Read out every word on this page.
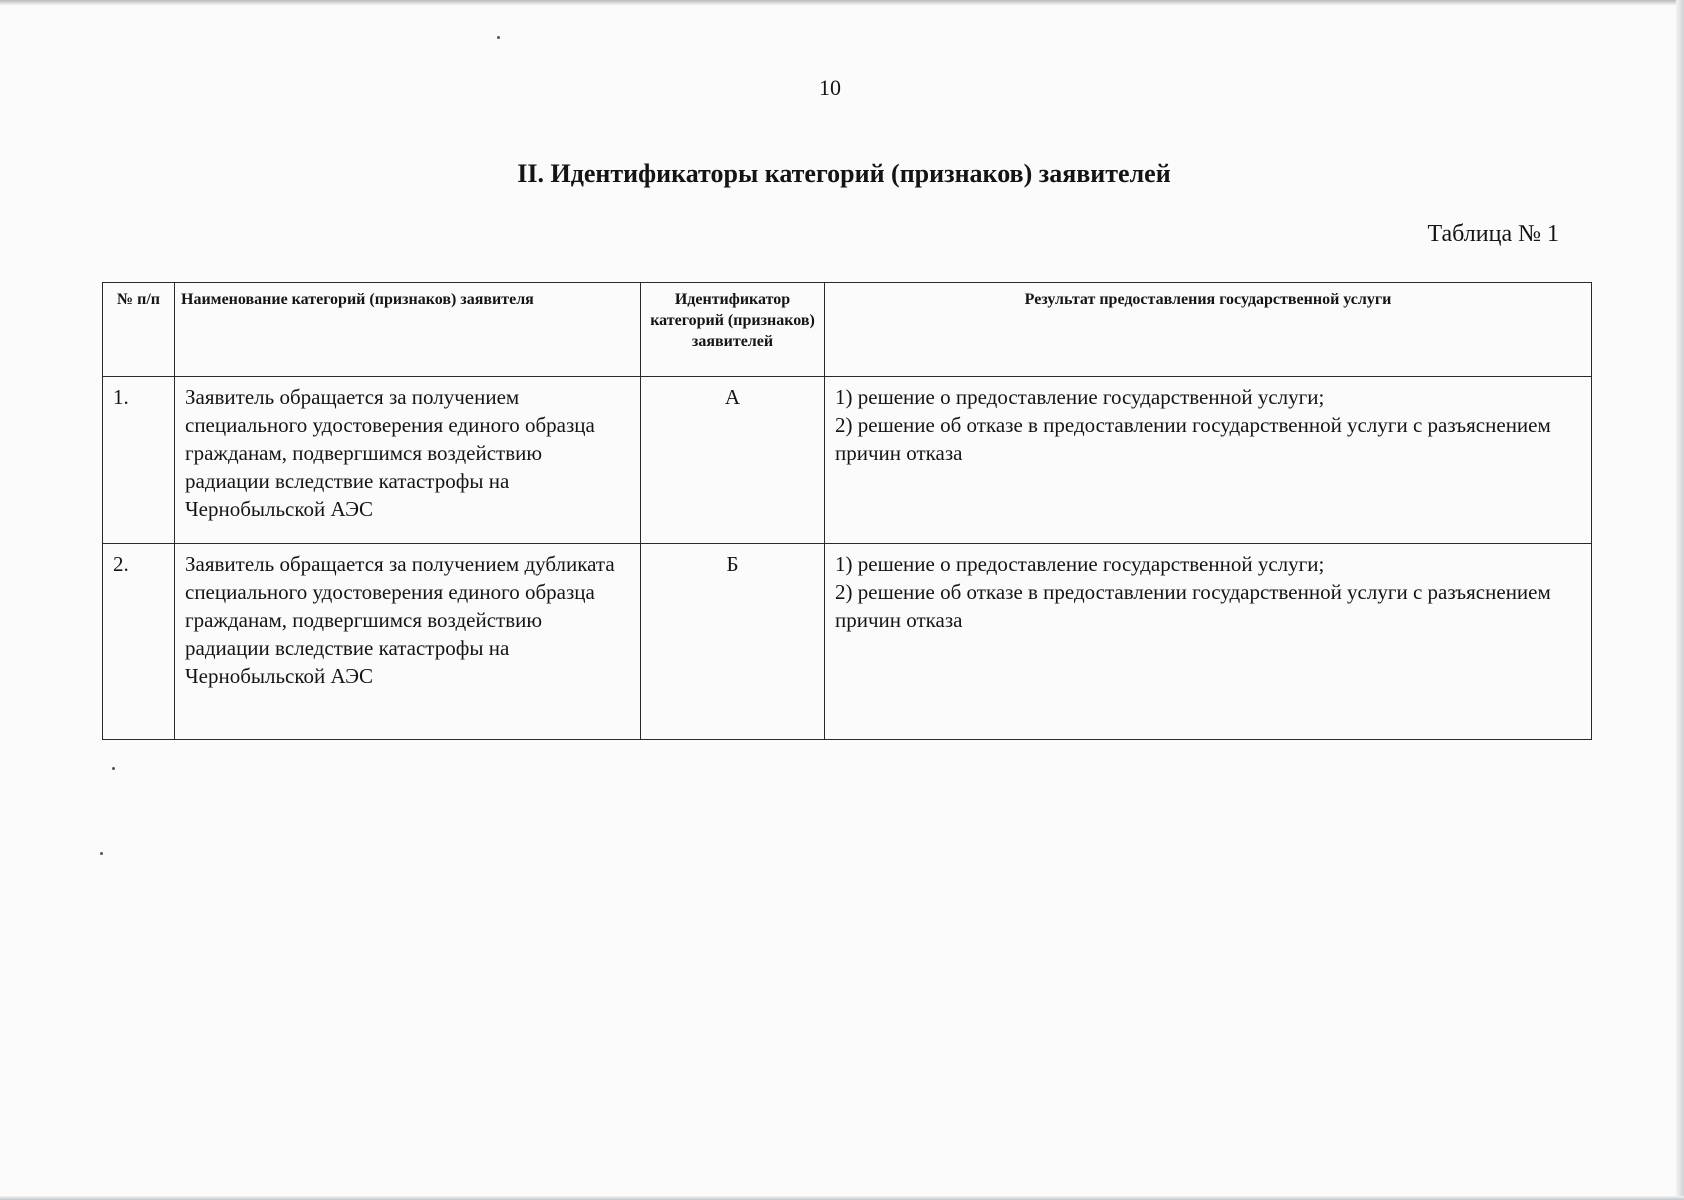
10
II. Идентификаторы категорий (признаков) заявителей
Таблица № 1
№ п/п	Наименование категорий (признаков) заявителя	Идентификатор категорий (признаков) заявителей	Результат предоставления государственной услуги
1.	Заявитель обращается за получением специального удостоверения единого образца гражданам, подвергшимся воздействию радиации вследствие катастрофы на Чернобыльской АЭС	А	1) решение о предоставление государственной услуги;
2) решение об отказе в предоставлении государственной услуги с разъяснением причин отказа

2.	Заявитель обращается за получением дубликата специального удостоверения единого образца гражданам, подвергшимся воздействию радиации вследствие катастрофы на Чернобыльской АЭС	Б	1) решение о предоставление государственной услуги;
2) решение об отказе в предоставлении государственной услуги с разъяснением причин отказа
